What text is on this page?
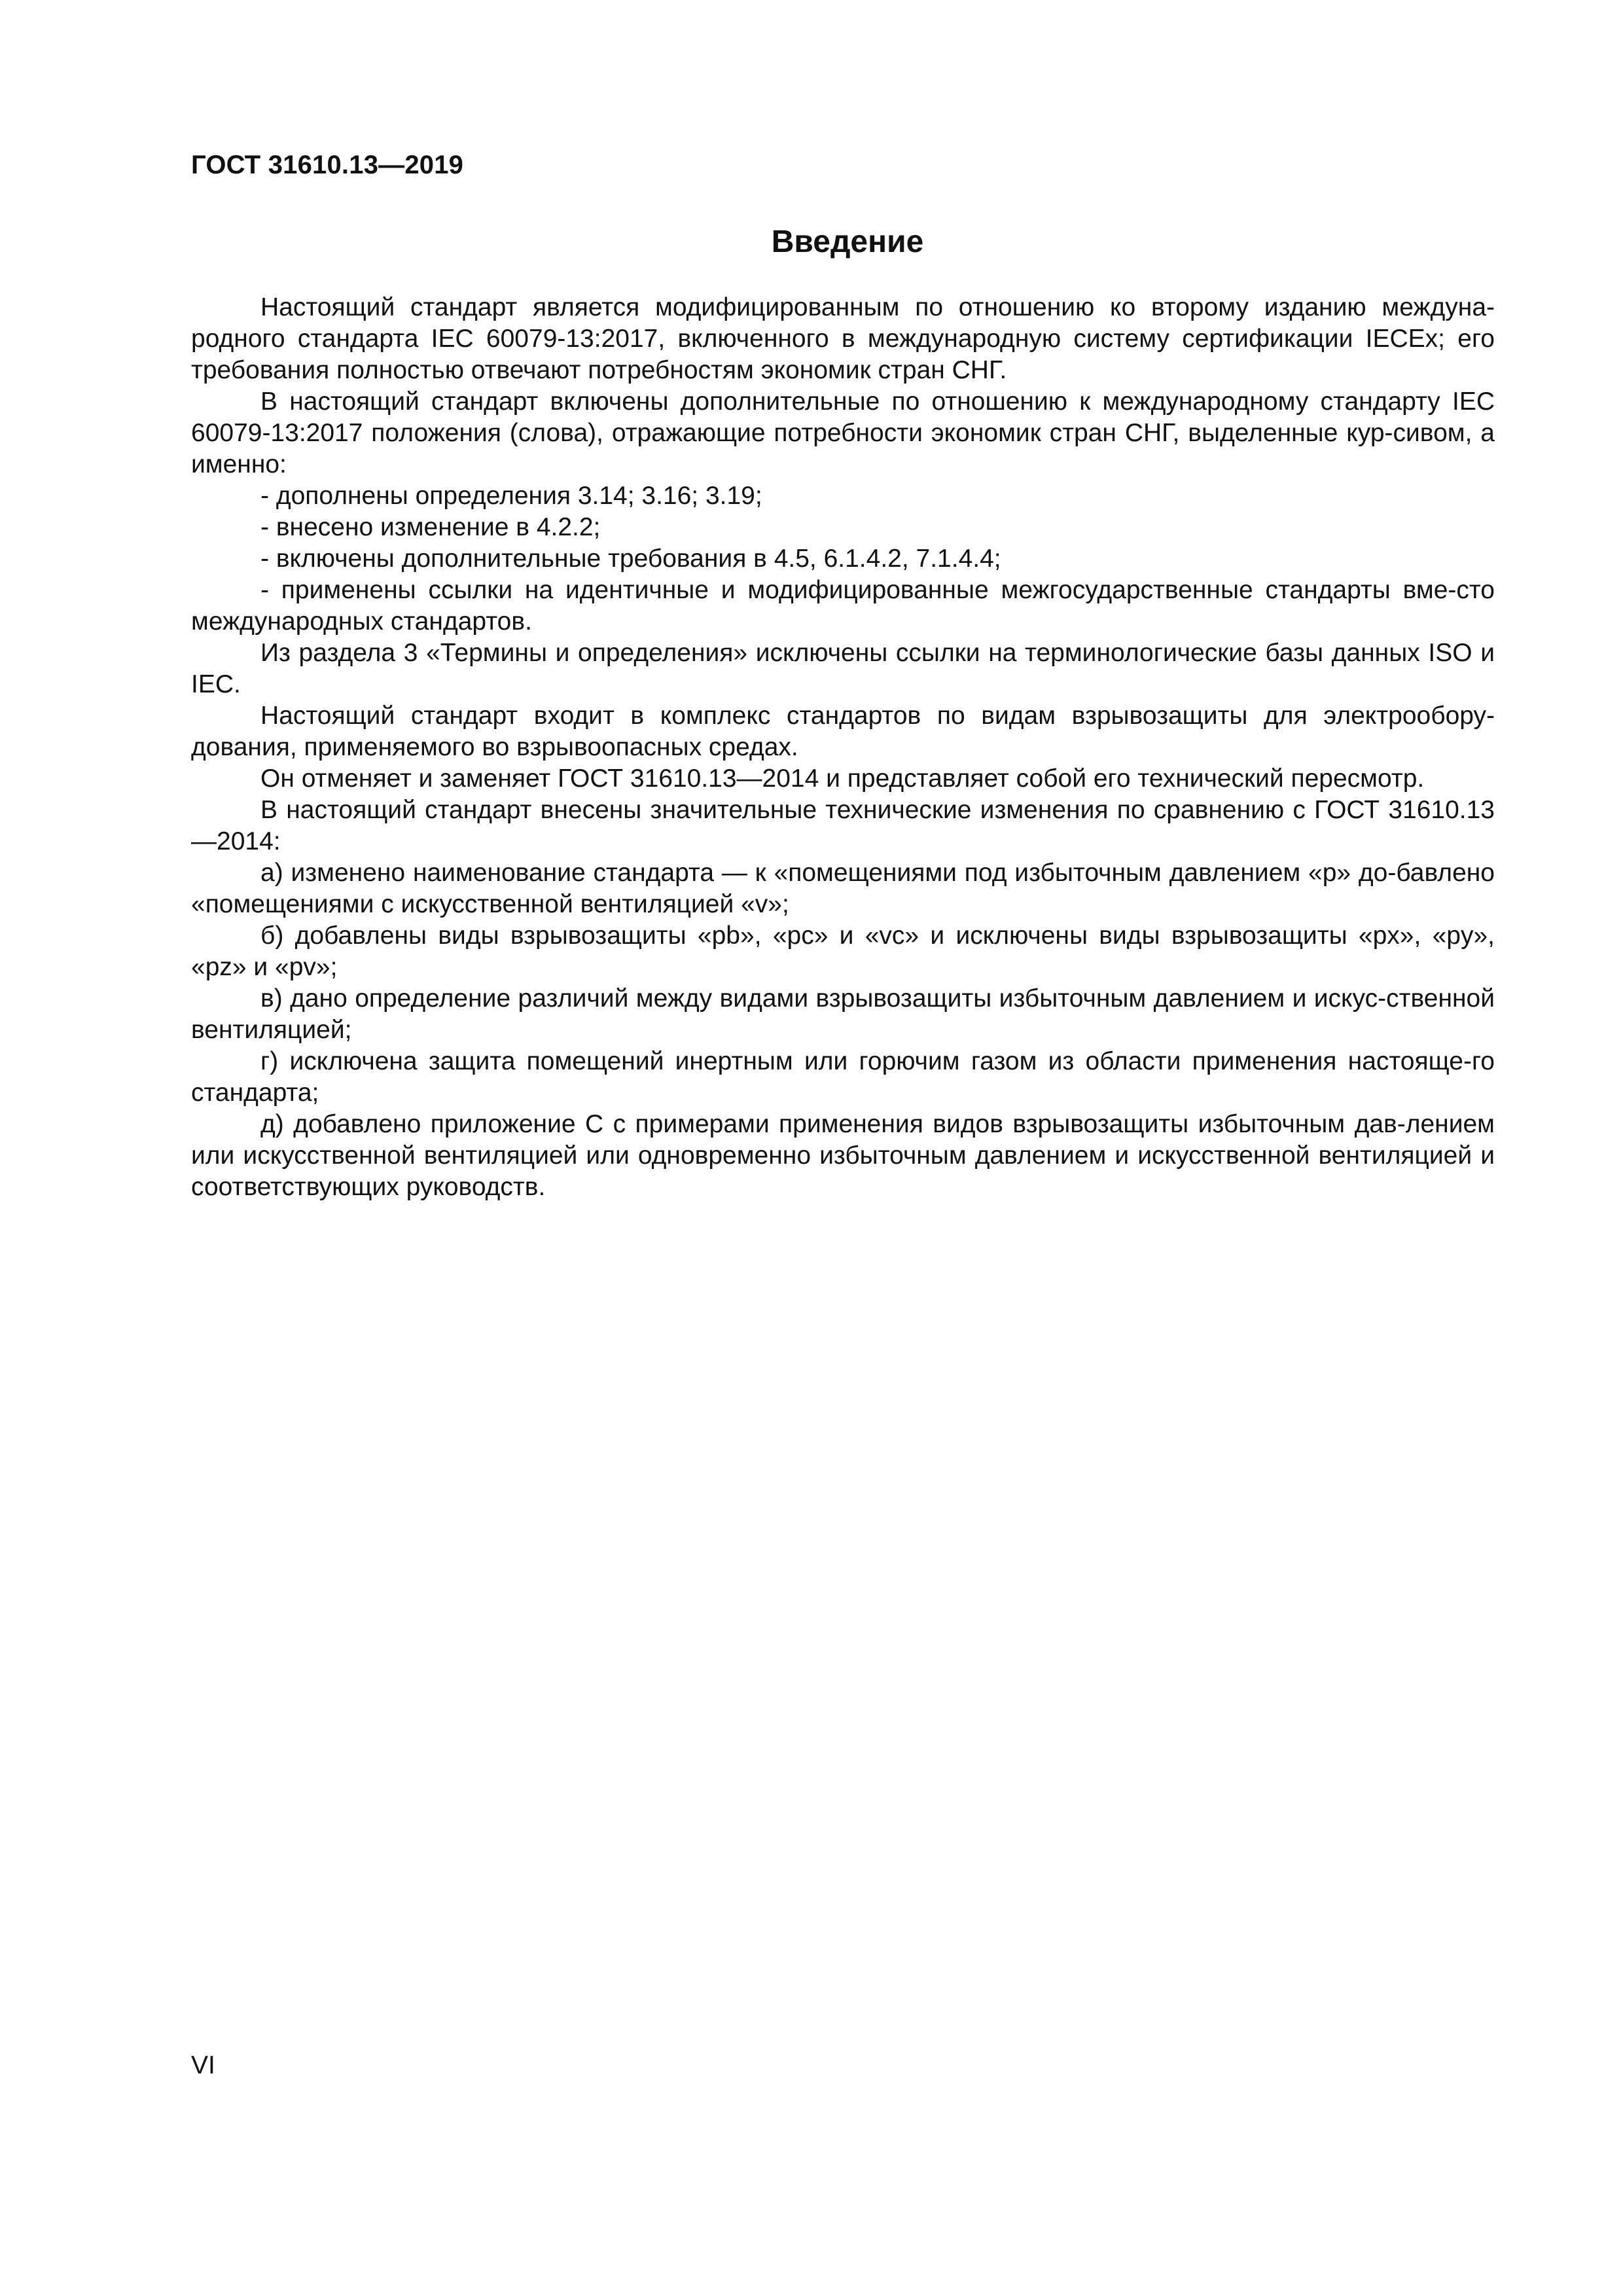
ГОСТ 31610.13—2019
Введение

Настоящий стандарт является модифицированным по отношению ко второму изданию междуна-родного стандарта IEC 60079-13:2017, включенного в международную систему сертификации IECEx; его требования полностью отвечают потребностям экономик стран СНГ.

В настоящий стандарт включены дополнительные по отношению к международному стандарту IEC 60079-13:2017 положения (слова), отражающие потребности экономик стран СНГ, выделенные кур-сивом, а именно:

- дополнены определения 3.14; 3.16; 3.19;

- внесено изменение в 4.2.2;

- включены дополнительные требования в 4.5, 6.1.4.2, 7.1.4.4;

- применены ссылки на идентичные и модифицированные межгосударственные стандарты вме-сто международных стандартов.

Из раздела 3 «Термины и определения» исключены ссылки на терминологические базы данных ISO и IEC.

Настоящий стандарт входит в комплекс стандартов по видам взрывозащиты для электрообору-дования, применяемого во взрывоопасных средах.

Он отменяет и заменяет ГОСТ 31610.13—2014 и представляет собой его технический пересмотр.

В настоящий стандарт внесены значительные технические изменения по сравнению с ГОСТ 31610.13—2014:

а) изменено наименование стандарта — к «помещениями под избыточным давлением «р» до-бавлено «помещениями с искусственной вентиляцией «v»;

б) добавлены виды взрывозащиты «pb», «pc» и «vc» и исключены виды взрывозащиты «px», «py», «pz» и «pv»;

в) дано определение различий между видами взрывозащиты избыточным давлением и искус-ственной вентиляцией;

г) исключена защита помещений инертным или горючим газом из области применения настояще-го стандарта;

д) добавлено приложение С с примерами применения видов взрывозащиты избыточным дав-лением или искусственной вентиляцией или одновременно избыточным давлением и искусственной вентиляцией и соответствующих руководств.

VI
